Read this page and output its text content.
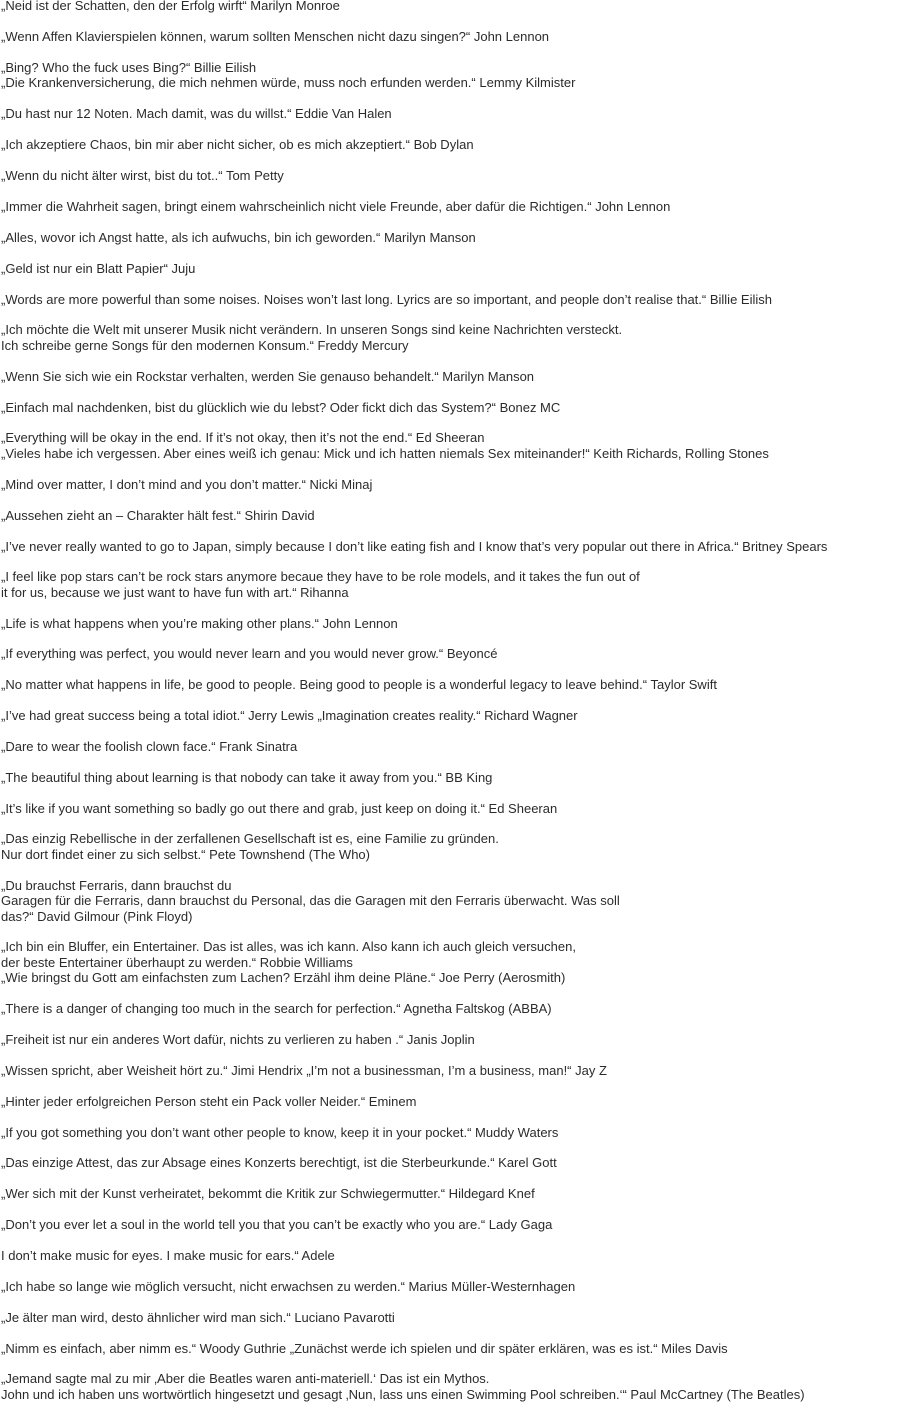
„Neid ist der Schatten, den der Erfolg wirft“ Marilyn Monroe
„Wenn Affen Klavierspielen können, warum sollten Menschen nicht dazu singen?“ John Lennon
„Bing? Who the fuck uses Bing?“ Billie Eilish
„Die Krankenversicherung, die mich nehmen würde, muss noch erfunden werden.“ Lemmy Kilmister
„Du hast nur 12 Noten. Mach damit, was du willst.“ Eddie Van Halen
„Ich akzeptiere Chaos, bin mir aber nicht sicher, ob es mich akzeptiert.“ Bob Dylan
„Wenn du nicht älter wirst, bist du tot..“ Tom Petty
„Immer die Wahrheit sagen, bringt einem wahrscheinlich nicht viele Freunde, aber dafür die Richtigen.“ John Lennon
„Alles, wovor ich Angst hatte, als ich aufwuchs, bin ich geworden.“ Marilyn Manson
„Geld ist nur ein Blatt Papier“ Juju
„Words are more powerful than some noises. Noises won’t last long. Lyrics are so important, and people don’t realise that.“ Billie Eilish
„Ich möchte die Welt mit unserer Musik nicht verändern. In unseren Songs sind keine Nachrichten versteckt.
Ich schreibe gerne Songs für den modernen Konsum.“ Freddy Mercury
„Wenn Sie sich wie ein Rockstar verhalten, werden Sie genauso behandelt.“ Marilyn Manson
„Einfach mal nachdenken, bist du glücklich wie du lebst? Oder fickt dich das System?“ Bonez MC
„Everything will be okay in the end. If it’s not okay, then it’s not the end.“ Ed Sheeran
„Vieles habe ich vergessen. Aber eines weiß ich genau: Mick und ich hatten niemals Sex miteinander!“ Keith Richards, Rolling Stones
„Mind over matter, I don’t mind and you don’t matter.“ Nicki Minaj
„Aussehen zieht an – Charakter hält fest.“ Shirin David
„I’ve never really wanted to go to Japan, simply because I don’t like eating fish and I know that’s very popular out there in Africa.“ Britney Spears
„I feel like pop stars can’t be rock stars anymore becaue they have to be role models, and it takes the fun out of
it for us, because we just want to have fun with art.“ Rihanna
„Life is what happens when you’re making other plans.“ John Lennon
„If everything was perfect, you would never learn and you would never grow.“ Beyoncé
„No matter what happens in life, be good to people. Being good to people is a wonderful legacy to leave behind.“ Taylor Swift
„I’ve had great success being a total idiot.“ Jerry Lewis „Imagination creates reality.“ Richard Wagner
„Dare to wear the foolish clown face.“ Frank Sinatra
„The beautiful thing about learning is that nobody can take it away from you.“ BB King
„It’s like if you want something so badly go out there and grab, just keep on doing it.“ Ed Sheeran
„Das einzig Rebellische in der zerfallenen Gesellschaft ist es, eine Familie zu gründen.
Nur dort findet einer zu sich selbst.“ Pete Townshend (The Who)
„Du brauchst Ferraris, dann brauchst du
Garagen für die Ferraris, dann brauchst du Personal, das die Garagen mit den Ferraris überwacht. Was soll
das?“ David Gilmour (Pink Floyd)
„Ich bin ein Bluffer, ein Entertainer. Das ist alles, was ich kann. Also kann ich auch gleich versuchen,
der beste Entertainer überhaupt zu werden.“ Robbie Williams
„Wie bringst du Gott am einfachsten zum Lachen? Erzähl ihm deine Pläne.“ Joe Perry (Aerosmith)
„There is a danger of changing too much in the search for perfection.“ Agnetha Faltskog (ABBA)
„Freiheit ist nur ein anderes Wort dafür, nichts zu verlieren zu haben .“ Janis Joplin
„Wissen spricht, aber Weisheit hört zu.“ Jimi Hendrix „I’m not a businessman, I’m a business, man!“ Jay Z
„Hinter jeder erfolgreichen Person steht ein Pack voller Neider.“ Eminem
„If you got something you don’t want other people to know, keep it in your pocket.“ Muddy Waters
„Das einzige Attest, das zur Absage eines Konzerts berechtigt, ist die Sterbeurkunde.“ Karel Gott
„Wer sich mit der Kunst verheiratet, bekommt die Kritik zur Schwiegermutter.“ Hildegard Knef
„Don’t you ever let a soul in the world tell you that you can’t be exactly who you are.“ Lady Gaga
I don’t make music for eyes. I make music for ears.“ Adele
„Ich habe so lange wie möglich versucht, nicht erwachsen zu werden.“ Marius Müller-Westernhagen
„Je älter man wird, desto ähnlicher wird man sich.“ Luciano Pavarotti
„Nimm es einfach, aber nimm es.“ Woody Guthrie „Zunächst werde ich spielen und dir später erklären, was es ist.“ Miles Davis
„Jemand sagte mal zu mir ‚Aber die Beatles waren anti-materiell.‘ Das ist ein Mythos.
John und ich haben uns wortwörtlich hingesetzt und gesagt ‚Nun, lass uns einen Swimming Pool schreiben.‘“ Paul McCartney (The Beatles)
